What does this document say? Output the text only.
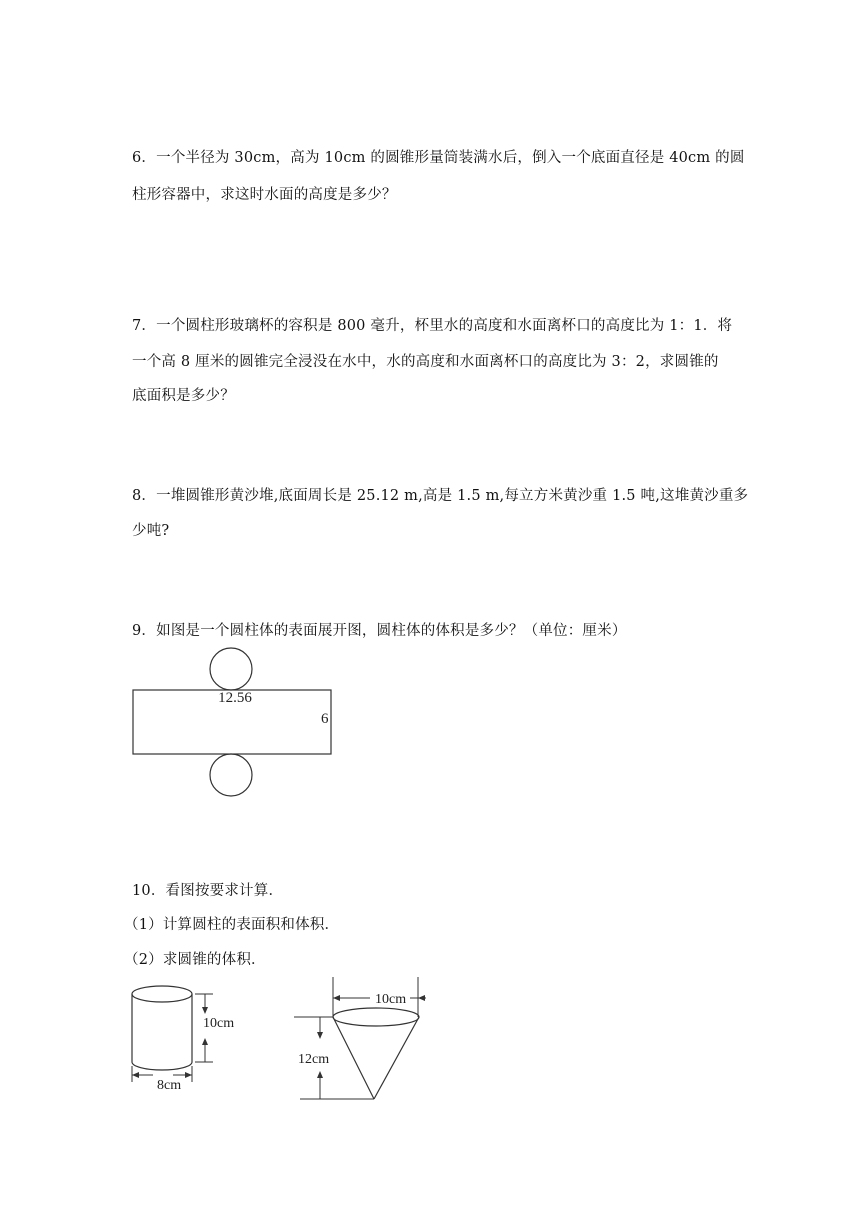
6．一个半径为 30cm，高为 10cm 的圆锥形量筒装满水后，倒入一个底面直径是 40cm 的圆
柱形容器中，求这时水面的高度是多少？
7．一个圆柱形玻璃杯的容积是 800 毫升，杯里水的高度和水面离杯口的高度比为 1：1．将
一个高 8 厘米的圆锥完全浸没在水中，水的高度和水面离杯口的高度比为 3：2，求圆锥的
底面积是多少？
8．一堆圆锥形黄沙堆,底面周长是 25.12 m,高是 1.5 m,每立方米黄沙重 1.5 吨,这堆黄沙重多
少吨?
9．如图是一个圆柱体的表面展开图，圆柱体的体积是多少？（单位：厘米）
12.56
6
10．看图按要求计算．
（1）计算圆柱的表面积和体积．
（2）求圆锥的体积．
10cm
8cm
10cm
12cm
